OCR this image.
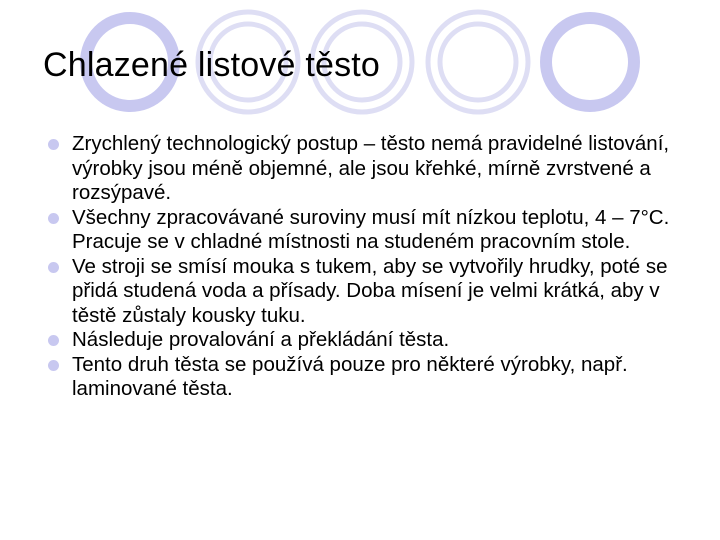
Chlazené listové těsto
Zrychlený technologický postup – těsto nemá pravidelné listování, výrobky jsou méně objemné, ale jsou křehké, mírně zvrstvené a rozsýpavé.
Všechny zpracovávané suroviny musí mít nízkou teplotu, 4 – 7°C. Pracuje se v chladné místnosti na studeném pracovním stole.
Ve stroji se smísí mouka s tukem, aby se vytvořily hrudky, poté se přidá studená voda a přísady. Doba mísení je velmi krátká, aby v těstě zůstaly kousky tuku.
Následuje provalování a překládání těsta.
Tento druh těsta se používá pouze pro některé výrobky, např. laminované těsta.
